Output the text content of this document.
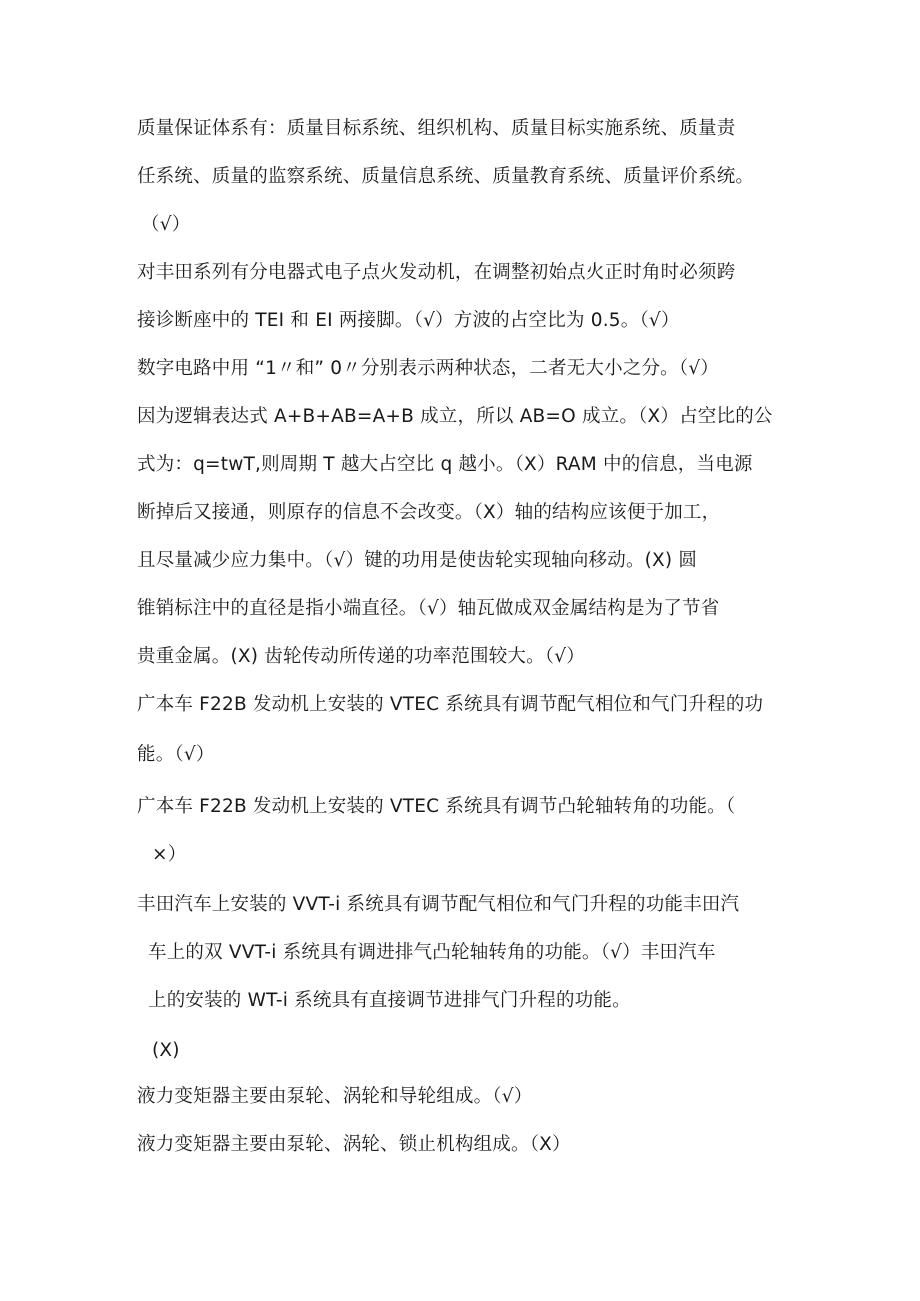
质量保证体系有：质量目标系统、组织机构、质量目标实施系统、质量责
任系统、质量的监察系统、质量信息系统、质量教育系统、质量评价系统。
（√）
对丰田系列有分电器式电子点火发动机，在调整初始点火正时角时必须跨
接诊断座中的 TEI 和 EI 两接脚。（√）方波的占空比为 0.5。（√）
数字电路中用 “1〃和” 0〃分别表示两种状态，二者无大小之分。（√）
因为逻辑表达式 A+B+AB=A+B 成立，所以 AB=O 成立。（X）占空比的公
式为：q=twT,则周期 T 越大占空比 q 越小。（X）RAM 中的信息，当电源
断掉后又接通，则原存的信息不会改变。（X）轴的结构应该便于加工，
且尽量减少应力集中。（√）键的功用是使齿轮实现轴向移动。(X) 圆
锥销标注中的直径是指小端直径。（√）轴瓦做成双金属结构是为了节省
贵重金属。(X) 齿轮传动所传递的功率范围较大。（√）
广本车 F22B 发动机上安装的 VTEC 系统具有调节配气相位和气门升程的功
能。（√）
广本车 F22B 发动机上安装的 VTEC 系统具有调节凸轮轴转角的功能。（
×）
丰田汽车上安装的 VVT-i 系统具有调节配气相位和气门升程的功能丰田汽
车上的双 VVT-i 系统具有调进排气凸轮轴转角的功能。（√）丰田汽车
上的安装的 WT-i 系统具有直接调节进排气门升程的功能。
(X)
液力变矩器主要由泵轮、涡轮和导轮组成。（√）
液力变矩器主要由泵轮、涡轮、锁止机构组成。（X）
